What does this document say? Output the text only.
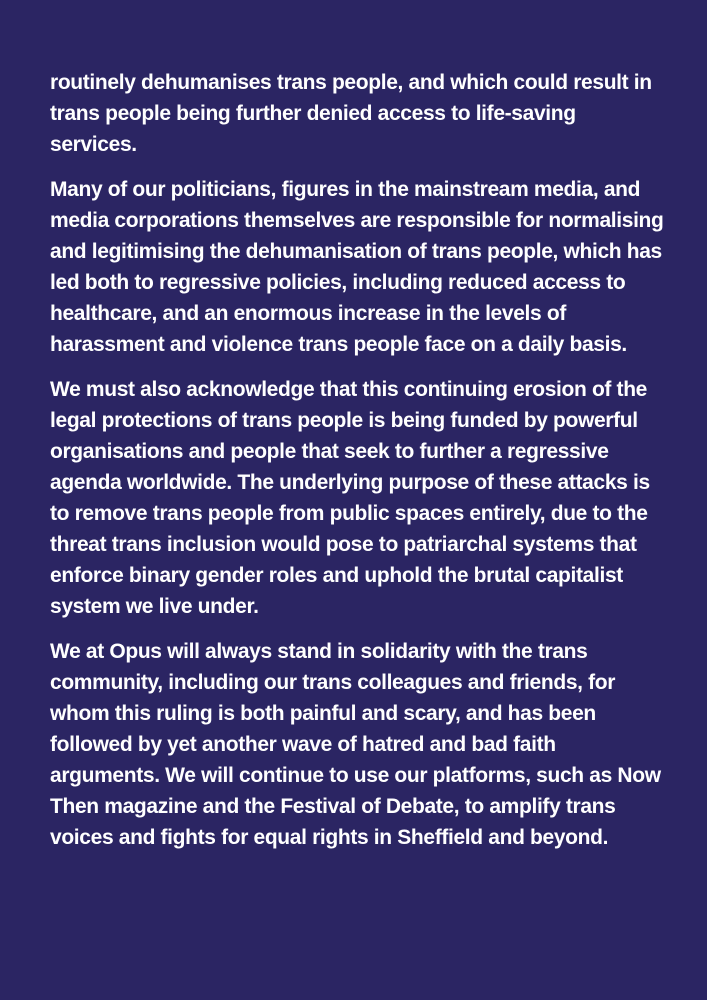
routinely dehumanises trans people, and which could result in trans people being further denied access to life-saving services.

Many of our politicians, figures in the mainstream media, and media corporations themselves are responsible for normalising and legitimising the dehumanisation of trans people, which has led both to regressive policies, including reduced access to healthcare, and an enormous increase in the levels of harassment and violence trans people face on a daily basis.

We must also acknowledge that this continuing erosion of the legal protections of trans people is being funded by powerful organisations and people that seek to further a regressive agenda worldwide. The underlying purpose of these attacks is to remove trans people from public spaces entirely, due to the threat trans inclusion would pose to patriarchal systems that enforce binary gender roles and uphold the brutal capitalist system we live under.

We at Opus will always stand in solidarity with the trans community, including our trans colleagues and friends, for whom this ruling is both painful and scary, and has been followed by yet another wave of hatred and bad faith arguments. We will continue to use our platforms, such as Now Then magazine and the Festival of Debate, to amplify trans voices and fights for equal rights in Sheffield and beyond.
